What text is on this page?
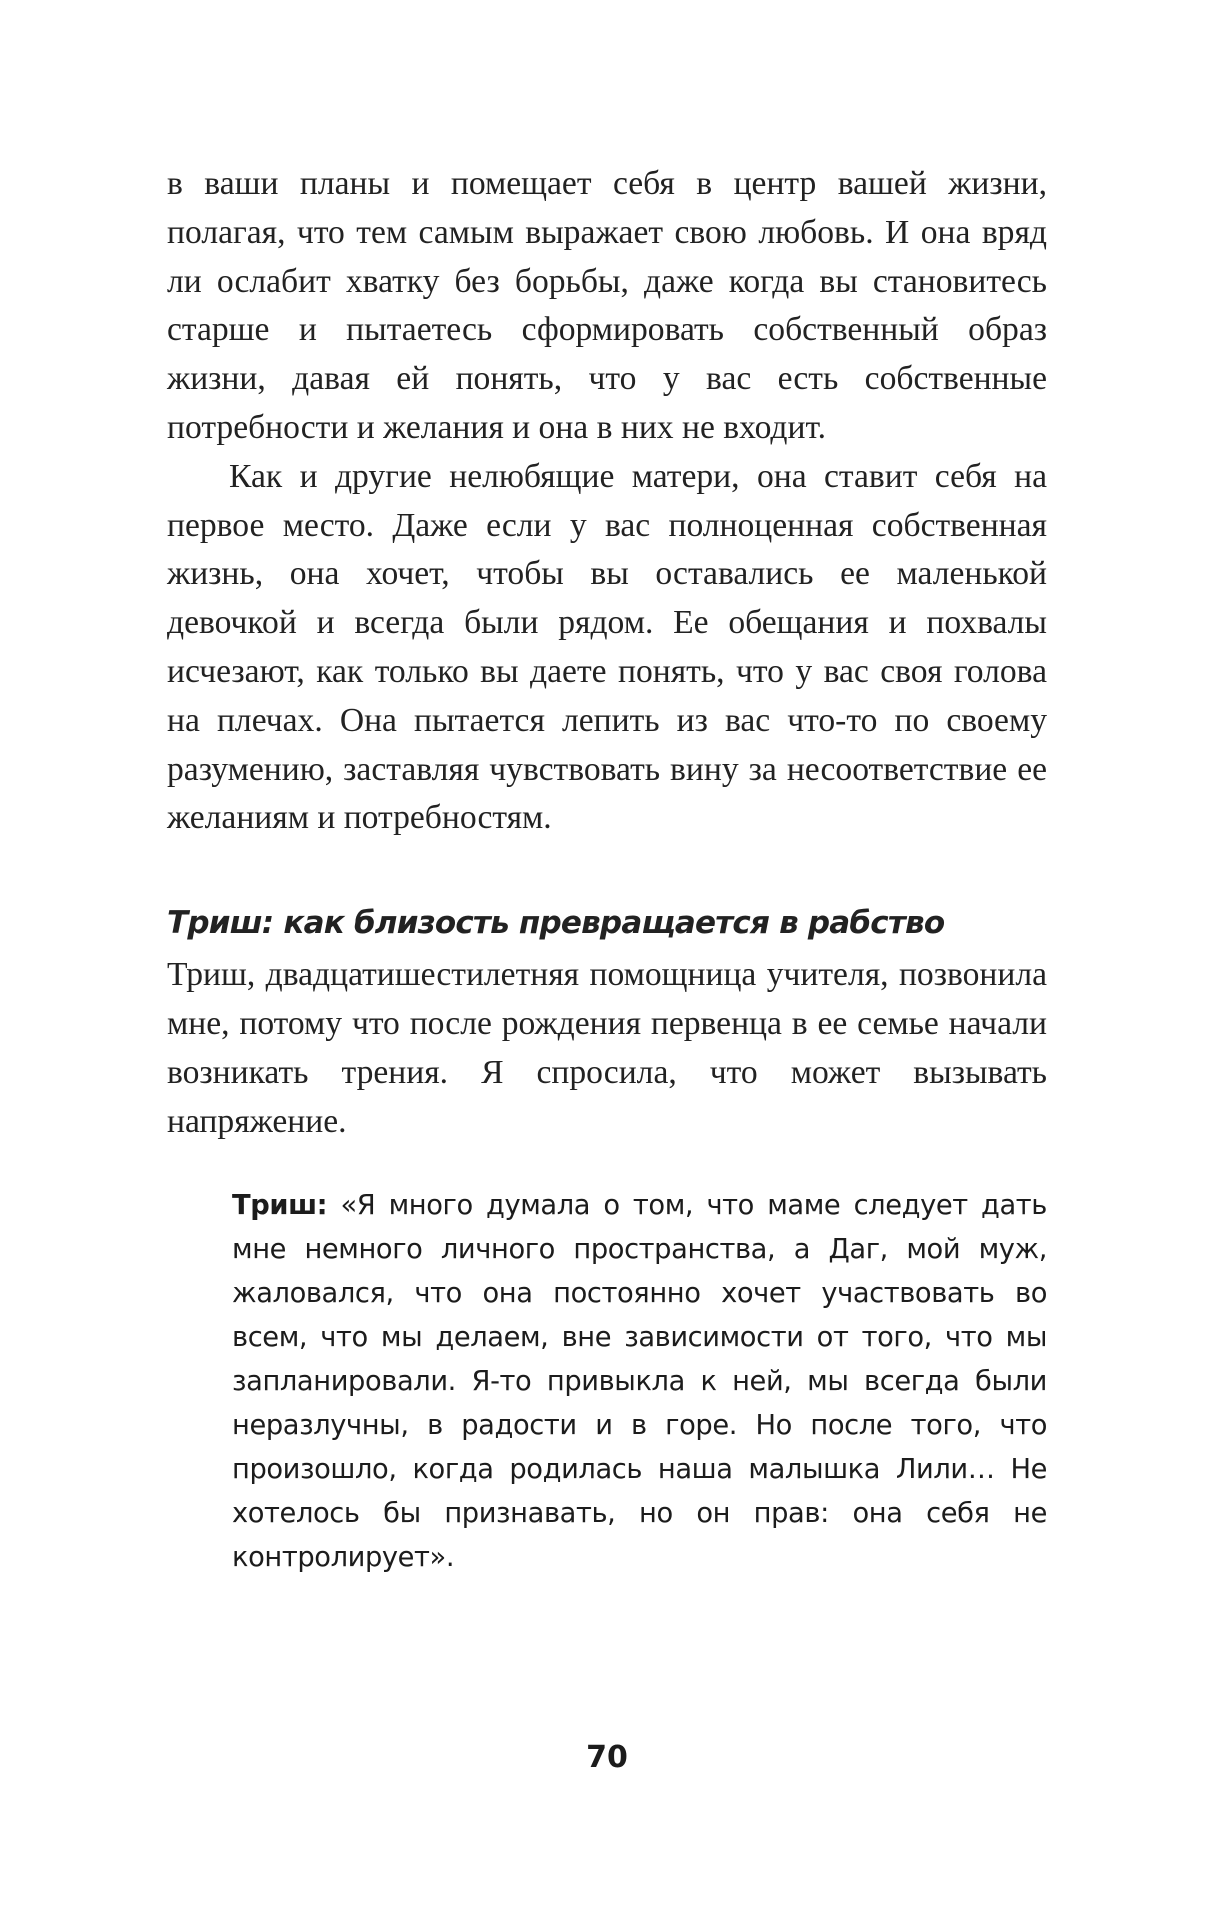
в ваши планы и помещает себя в центр вашей жизни, полагая, что тем самым выражает свою любовь. И она вряд ли ослабит хватку без борьбы, даже когда вы становитесь старше и пытаетесь сформировать собственный образ жизни, давая ей понять, что у вас есть собственные потребности и желания и она в них не входит.

Как и другие нелюбящие матери, она ставит себя на первое место. Даже если у вас полноценная собственная жизнь, она хочет, чтобы вы оставались ее маленькой девочкой и всегда были рядом. Ее обещания и похвалы исчезают, как только вы даете понять, что у вас своя голова на плечах. Она пытается лепить из вас что-то по своему разумению, заставляя чувствовать вину за несоответствие ее желаниям и потребностям.

Триш: как близость превращается в рабство

Триш, двадцатишестилетняя помощница учителя, позвонила мне, потому что после рождения первенца в ее семье начали возникать трения. Я спросила, что может вызывать напряжение.

Триш: «Я много думала о том, что маме следует дать мне немного личного пространства, а Даг, мой муж, жаловался, что она постоянно хочет участвовать во всем, что мы делаем, вне зависимости от того, что мы запланировали. Я-то привыкла к ней, мы всегда были неразлучны, в радости и в горе. Но после того, что произошло, когда родилась наша малышка Лили… Не хотелось бы признавать, но он прав: она себя не контролирует».
70
